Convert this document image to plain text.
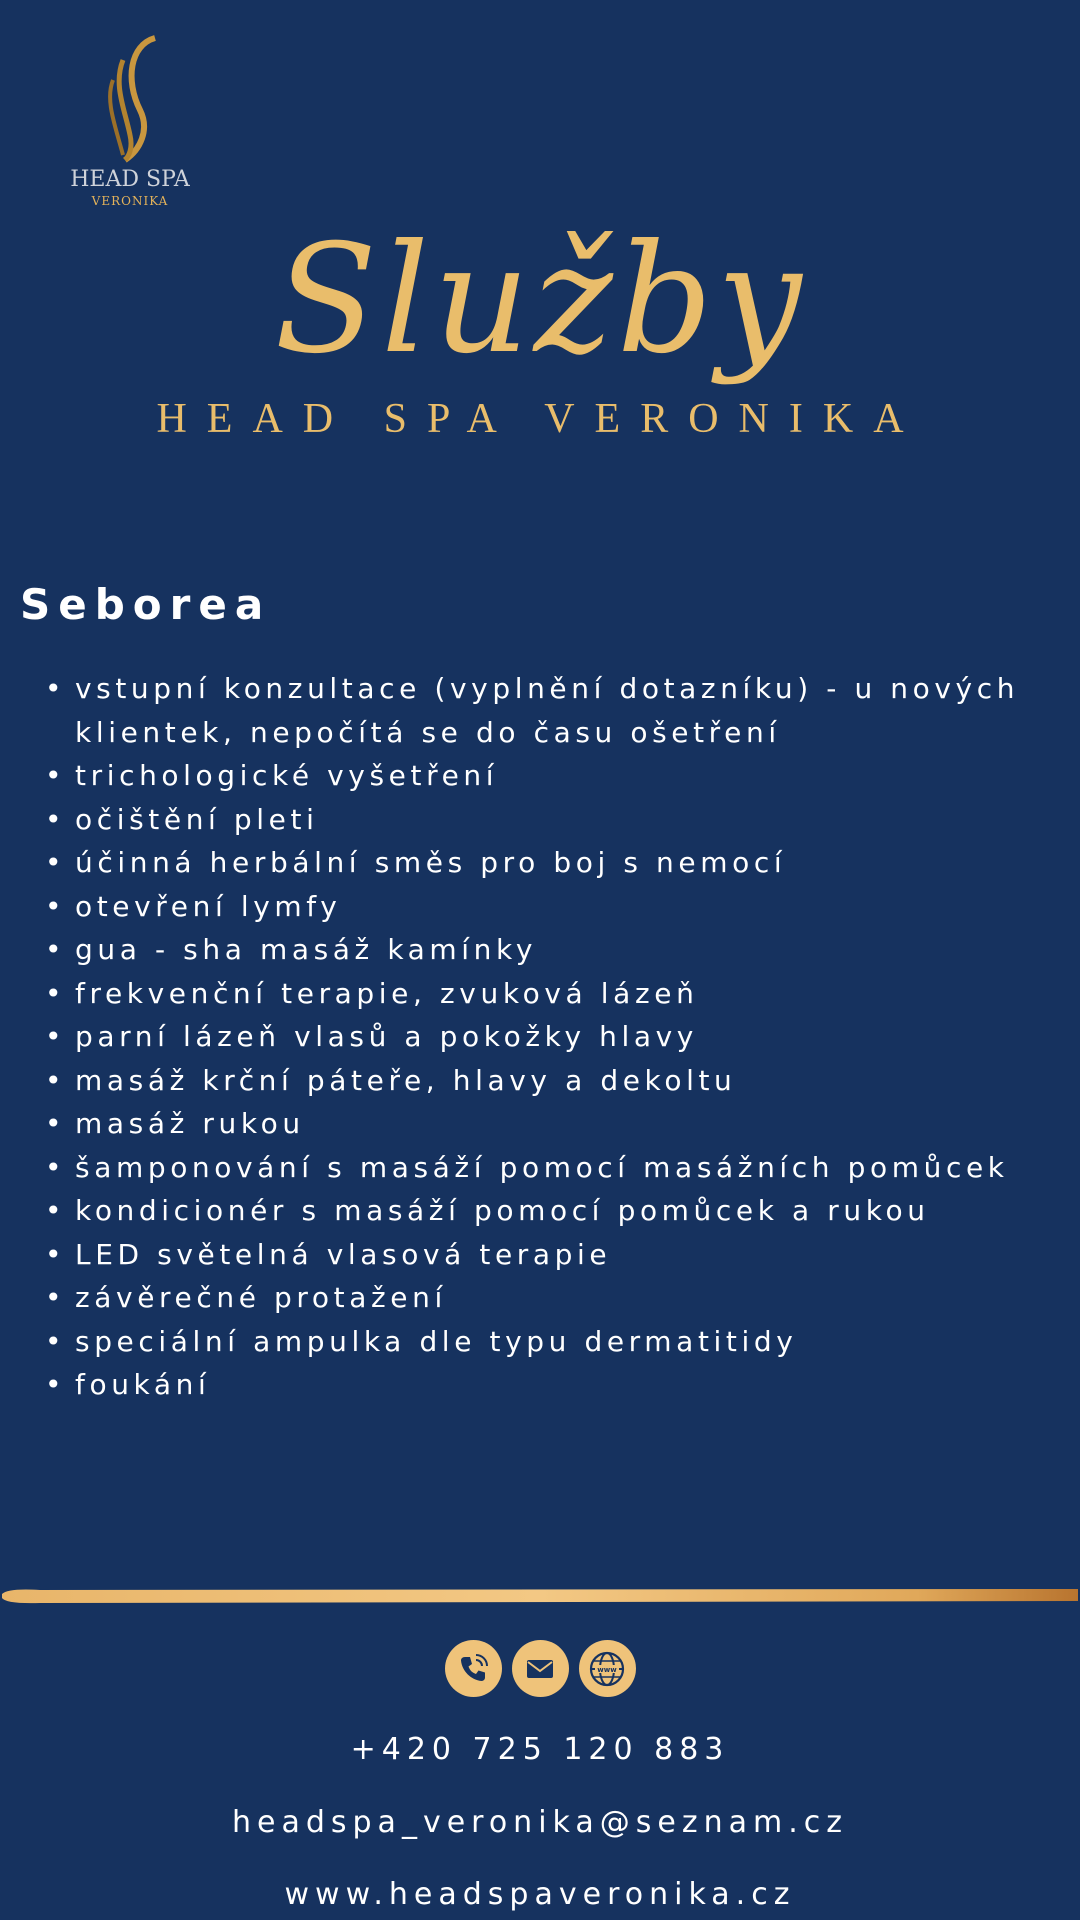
HEAD SPA
VERONIKA
Služby
HEAD SPA VERONIKA
Seborea
• vstupní konzultace (vyplnění dotazníku) - u nových klientek, nepočítá se do času ošetření
• trichologické vyšetření
• očištění pleti
• účinná herbální směs pro boj s nemocí
• otevření lymfy
• gua - sha masáž kamínky
• frekvenční terapie, zvuková lázeň
• parní lázeň vlasů a pokožky hlavy
• masáž krční páteře, hlavy a dekoltu
• masáž rukou
• šamponování s masáží pomocí masážních pomůcek
• kondicionér s masáží pomocí pomůcek a rukou
• LED světelná vlasová terapie
• závěrečné protažení
• speciální ampulka dle typu dermatitidy
• foukání
www
+420 725 120 883
headspa_veronika@seznam.cz
www.headspaveronika.cz
